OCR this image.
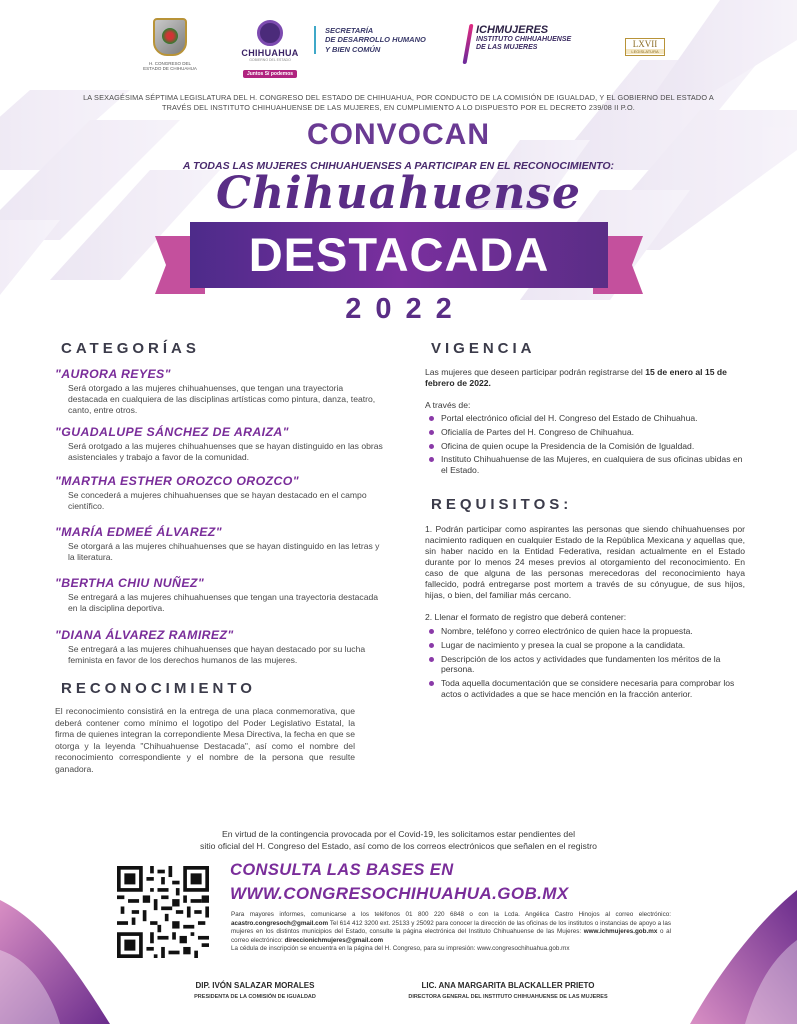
H. CONGRESO DEL ESTADO DE CHIHUAHUA
CHIHUAHUA
GOBIERNO DEL ESTADO
Juntos Sí podemos
SECRETARÍA
DE DESARROLLO HUMANO
Y BIEN COMÚN
ICHMUJERES
INSTITUTO CHIHUAHUENSE
DE LAS MUJERES	LXVII
LEGISLATURA
LA SEXAGÉSIMA SÉPTIMA LEGISLATURA DEL H. CONGRESO DEL ESTADO DE CHIHUAHUA, POR CONDUCTO DE LA COMISIÓN DE IGUALDAD, Y EL GOBIERNO DEL ESTADO A TRAVÉS DEL INSTITUTO CHIHUAHUENSE DE LAS MUJERES, EN CUMPLIMIENTO A LO DISPUESTO POR EL DECRETO 239/08 II P.O.
CONVOCAN
A TODAS LAS MUJERES CHIHUAHUENSES A PARTICIPAR EN EL RECONOCIMIENTO:
Chihuahuense
DESTACADA
2022
CATEGORÍAS
"AURORA REYES"
Será otorgado a las mujeres chihuahuenses, que tengan una trayectoria destacada en cualquiera de las disciplinas artísticas como pintura, danza, teatro, canto, entre otros.
"GUADALUPE SÁNCHEZ DE ARAIZA"
Será orotgado a las mujeres chihuahuenses que se hayan distinguido en las obras asistenciales y trabajo a favor de la comunidad.
"MARTHA ESTHER OROZCO OROZCO"
Se concederá a mujeres chihuahuenses que se hayan destacado en el campo científico.
"MARÍA EDMEÉ ÁLVAREZ"
Se otorgará a las mujeres chihuahuenses que se hayan distinguido en las letras y la literatura.
"BERTHA CHIU NUÑEZ"
Se entregará a las mujeres chihuahuenses que tengan una trayectoria destacada en la disciplina deportiva.
"DIANA ÁLVAREZ RAMIREZ"
Se entregará a las mujeres chihuahuenses que hayan destacado por su lucha feminista en favor de los derechos humanos de las mujeres.
RECONOCIMIENTO
El reconocimiento consistirá en la entrega de una placa conmemorativa, que deberá contener como mínimo el logotipo del Poder Legislativo Estatal, la firma de quienes integran la correpondiente Mesa Directiva, la fecha en que se otorga y la leyenda "Chihuahuense Destacada", así como el nombre del reconocimiento correspondiente y el nombre de la persona que resulte ganadora.
VIGENCIA
Las mujeres que deseen participar podrán registrarse del 15 de enero al 15 de febrero de 2022.
A través de:
Portal electrónico oficial del H. Congreso del Estado de Chihuahua.
Oficialía de Partes del H. Congreso de Chihuahua.
Oficina de quien ocupe la Presidencia de la Comisión de Igualdad.
Instituto Chihuahuense de las Mujeres, en cualquiera de sus oficinas ubidas en el Estado.
REQUISITOS:
1. Podrán participar como aspirantes las personas que siendo chihuahuenses por nacimiento radiquen en cualquier Estado de la República Mexicana y aquellas que, sin haber nacido en la Entidad Federativa, residan actualmente en el Estado durante por lo menos 24 meses previos al otorgamiento del reconocimiento. En caso de que alguna de las personas merecedoras del reconocimiento haya fallecido, podrá entregarse post mortem a través de su cónyugue, de sus hijos, hijas, o bien, del familiar más cercano.
2. Llenar el formato de registro que deberá contener:
Nombre, teléfono y correo electrónico de quien hace la propuesta.
Lugar de nacimiento y presea la cual se propone a la candidata.
Descripción de los actos y actividades que fundamenten los méritos de la persona.
Toda aquella documentación que se considere necesaria para comprobar los actos o actividades a que se hace mención en la fracción anterior.
En virtud de la contingencia provocada por el Covid-19, les solicitamos estar pendientes del
sitio oficial del H. Congreso del Estado, así como de los correos electrónicos que señalen en el registro
CONSULTA LAS BASES EN
WWW.CONGRESOCHIHUAHUA.GOB.MX
Para mayores informes, comunicarse a los teléfonos 01 800 220 6848 o con la Lcda. Angélica Castro Hinojos al correo electrónico: acastro.congresoch@gmail.com Tel 614 412 3200 ext. 25133 y 25092 para conocer la dirección de las oficinas de los institutos o instancias de apoyo a las mujeres en los distintos municipios del Estado, consulte la página electrónica del Instituto Chihuahuense de las Mujeres: www.ichmujeres.gob.mx o al correo electrónico: direccionichmujeres@gmail.com
La cédula de inscripción se encuentra en la página del H. Congreso, para su impresión: www.congresochihuahua.gob.mx
DIP. IVÓN SALAZAR MORALES
PRESIDENTA DE LA COMISIÓN DE IGUALDAD
LIC. ANA MARGARITA BLACKALLER PRIETO
DIRECTORA GENERAL DEL INSTITUTO CHIHUAHUENSE DE LAS MUJERES
